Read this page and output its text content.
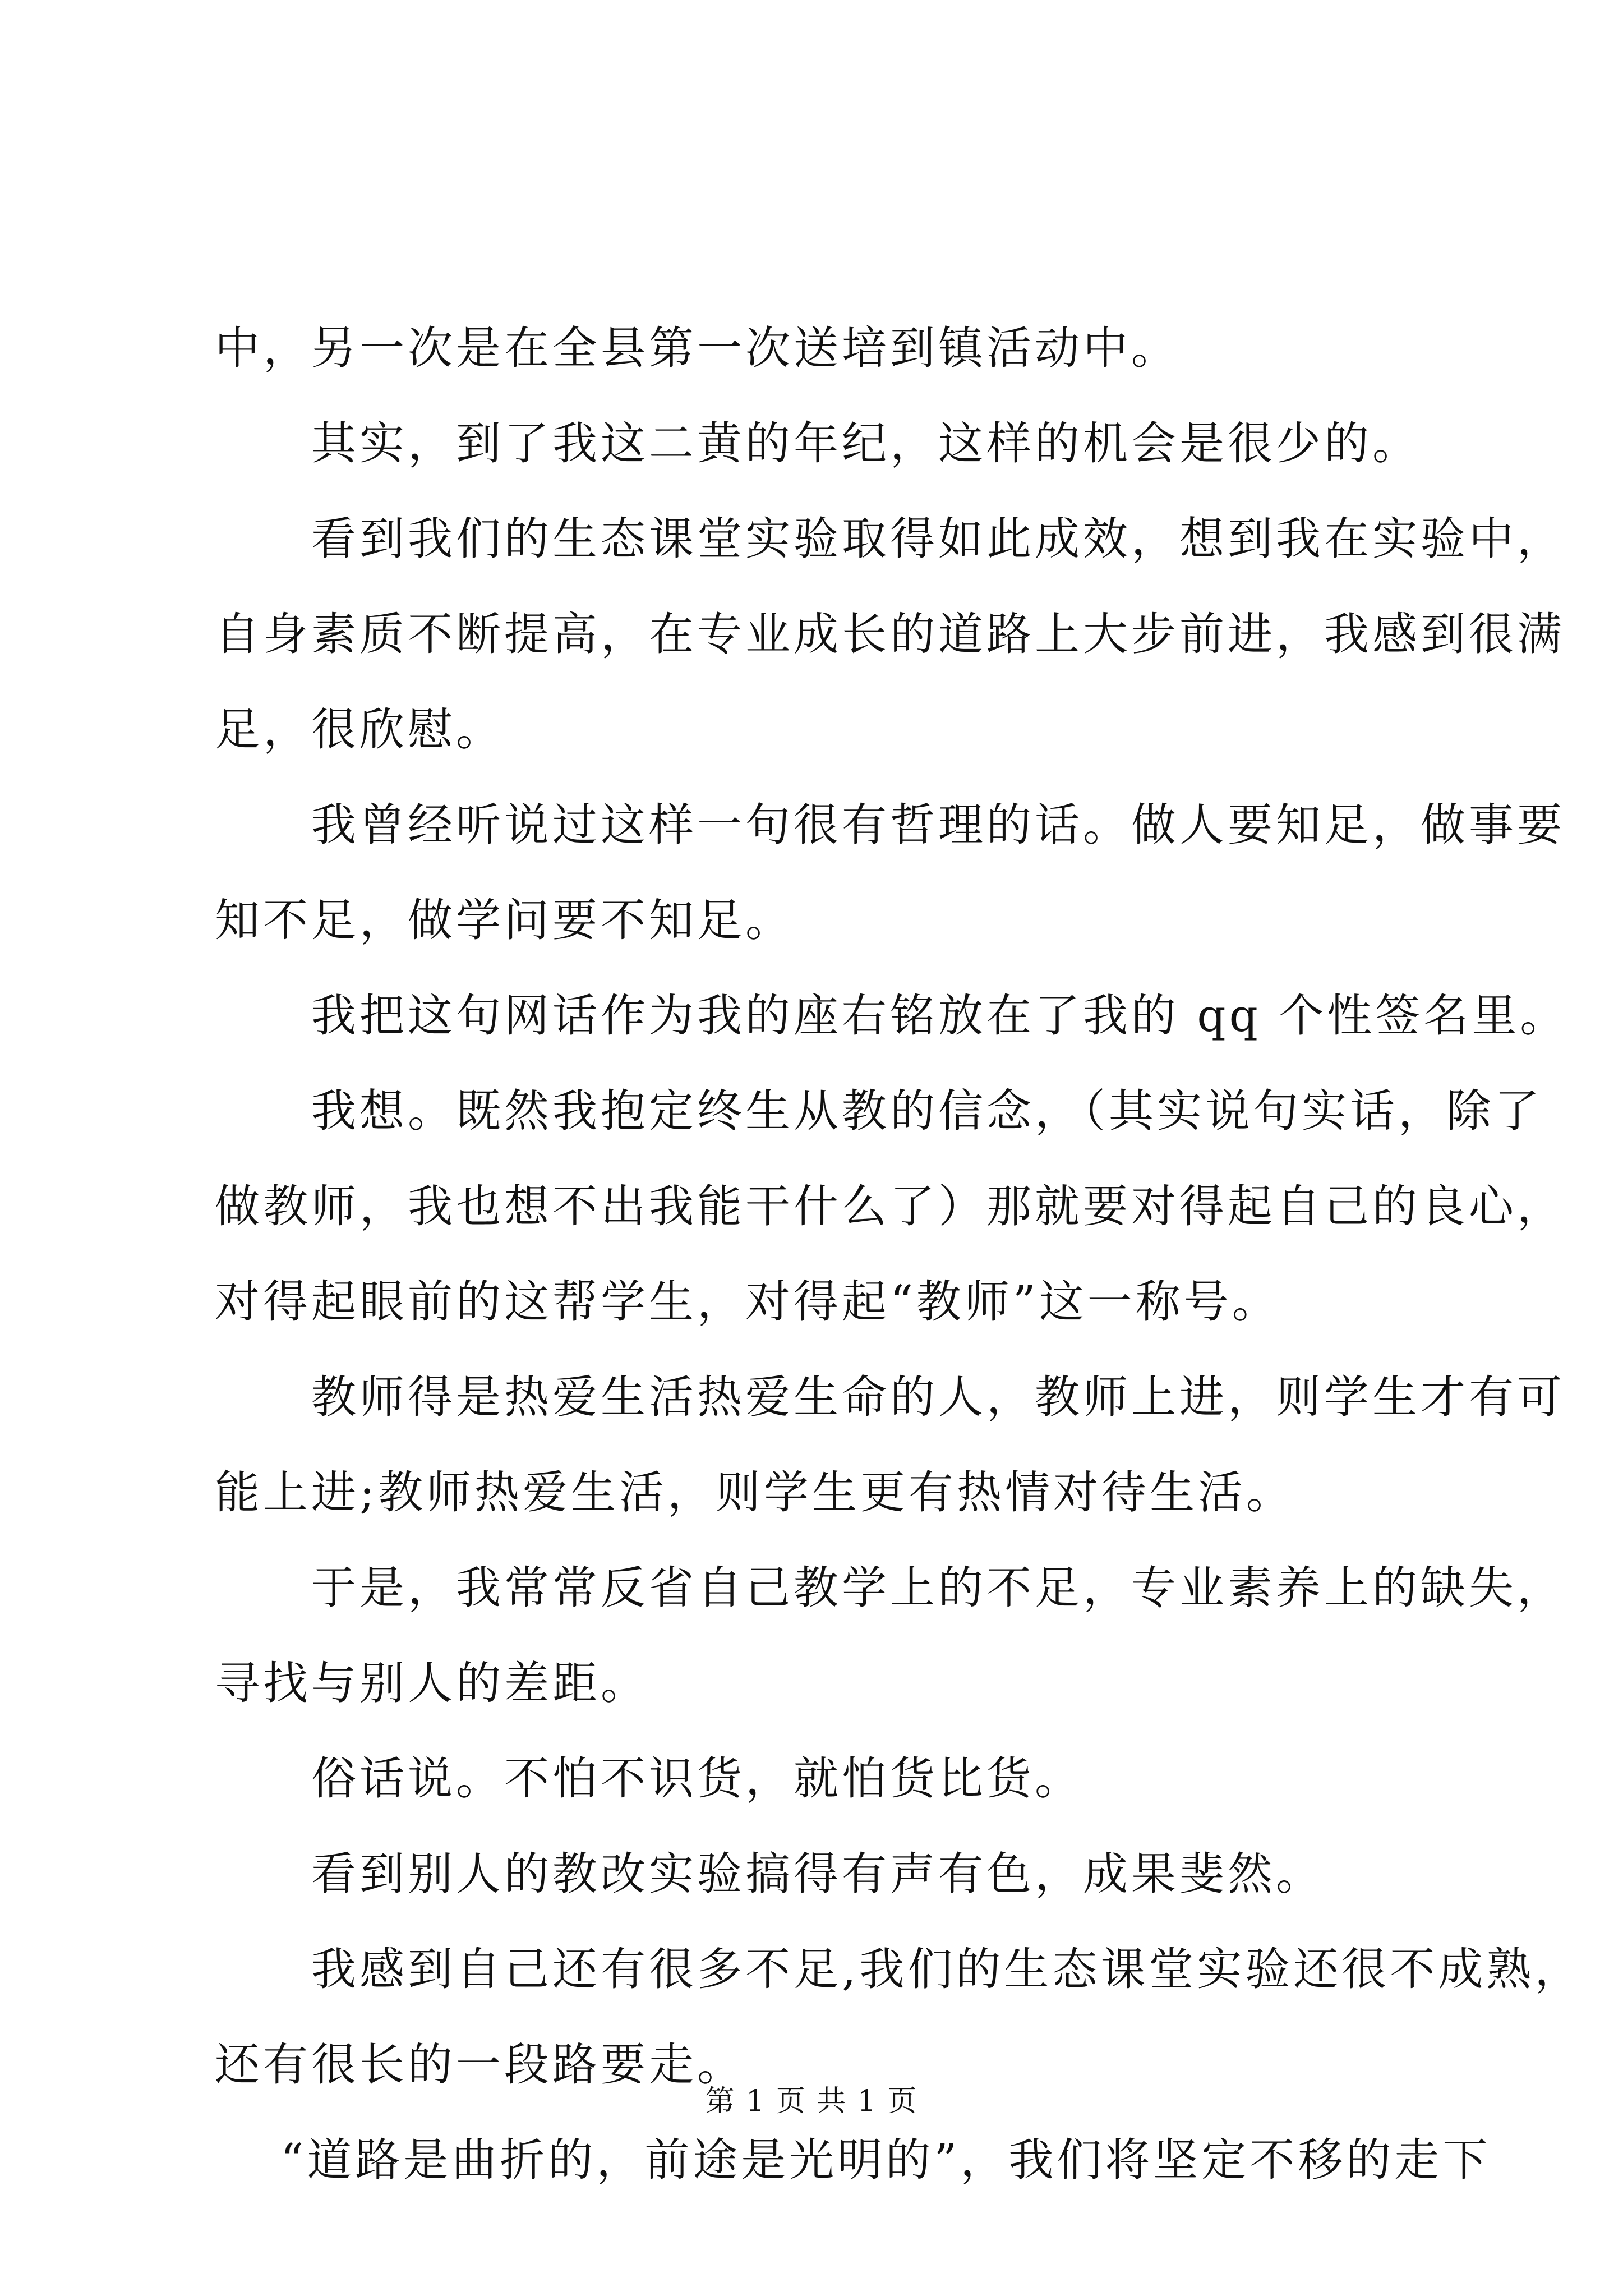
中，另一次是在全县第一次送培到镇活动中。
　　其实，到了我这二黄的年纪，这样的机会是很少的。
　　看到我们的生态课堂实验取得如此成效，想到我在实验中，
自身素质不断提高，在专业成长的道路上大步前进，我感到很满
足，很欣慰。
　　我曾经听说过这样一句很有哲理的话。做人要知足，做事要
知不足，做学问要不知足。
　　我把这句网话作为我的座右铭放在了我的 qq 个性签名里。
　　我想。既然我抱定终生从教的信念，（其实说句实话，除了
做教师，我也想不出我能干什么了）那就要对得起自己的良心，
对得起眼前的这帮学生，对得起“教师”这一称号。
　　教师得是热爱生活热爱生命的人，教师上进，则学生才有可
能上进;教师热爱生活，则学生更有热情对待生活。
　　于是，我常常反省自己教学上的不足，专业素养上的缺失，
寻找与别人的差距。
　　俗话说。不怕不识货，就怕货比货。
　　看到别人的教改实验搞得有声有色，成果斐然。
　　我感到自己还有很多不足,我们的生态课堂实验还很不成熟，
还有很长的一段路要走。
　 “道路是曲折的，前途是光明的”，我们将坚定不移的走下
第 1 页 共 1 页
